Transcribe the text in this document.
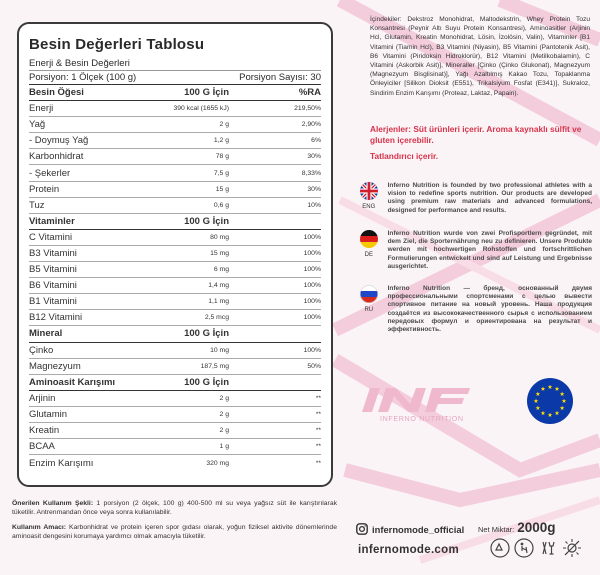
Besin Değerleri Tablosu
Enerji & Besin Değerleri
Porsiyon: 1 Ölçek (100 g)	Porsiyon Sayısı: 30
Besin Öğesi	100 G İçin	%RA
Enerji	390 kcal (1655 kJ)	219,50%
Yağ	2 g	2,90%
- Doymuş Yağ	1,2 g	6%
Karbonhidrat	78 g	30%
- Şekerler	7,5 g	8,33%
Protein	15 g	30%
Tuz	0,6 g	10%
Vitaminler	100 G İçin
C Vitamini	80 mg	100%
B3 Vitamini	15 mg	100%
B5 Vitamini	6 mg	100%
B6 Vitamini	1,4 mg	100%
B1 Vitamini	1,1 mg	100%
B12 Vitamini	2,5 mcg	100%
Mineral	100 G İçin
Çinko	10 mg	100%
Magnezyum	187,5 mg	50%
Aminoasit Karışımı	100 G İçin
Arjinin	2 g	**
Glutamin	2 g	**
Kreatin	2 g	**
BCAA	1 g	**
Enzim Karışımı	320 mg	**
İçindekiler: Dekstroz Monohidrat, Maltodekstrin, Whey Protein Tozu Konsantresi (Peynir Altı Suyu Protein Konsantresi), Aminoasitler (Arjinin Hcl, Glutamin, Kreatin Monohidrat, Lösin, İzolösin, Valin), Vitaminler [B1 Vitamini (Tiamin Hcl), B3 Vitamini (Niyasin), B5 Vitamini (Pantotenik Asit), B6 Vitamini (Piridoksin Hidroklorür), B12 Vitamini (Metilkobalamin), C Vitamini (Askorbik Asit)], Mineraller [Çinko (Çinko Glukonat), Magnezyum (Magnezyum Bisglisinat)], Yağı Azaltılmış Kakao Tozu, Topaklanma Önleyiciler [Silikon Dioksit (E551), Trikalsiyum Fosfat (E341)], Sukraloz, Sindirim Enzim Karışımı (Proteaz, Laktaz, Papain).
Alerjenler: Süt ürünleri içerir. Aroma kaynaklı sülfit ve gluten içerebilir.
Tatlandırıcı içerir.
ENG
Inferno Nutrition is founded by two professional athletes with a vision to redefine sports nutrition. Our products are developed using premium raw materials and advanced formulations, designed for performance and results.
DE
Inferno Nutrition wurde von zwei Profisportlern gegründet, mit dem Ziel, die Sporternährung neu zu definieren. Unsere Produkte werden mit hochwertigen Rohstoffen und fortschrittlichen Formulierungen entwickelt und sind auf Leistung und Ergebnisse ausgerichtet.
RU
Inferno Nutrition — бренд, основанный двумя профессиональными спортсменами с целью вывести спортивное питание на новый уровень. Наша продукция создаётся из высококачественного сырья с использованием передовых формул и ориентирована на результат и эффективность.
INFERNO NUTRITION

Önerilen Kullanım Şekli: 1 porsiyon (2 ölçek, 100 g) 400-500 ml su veya yağsız süt ile karıştırılarak tüketilir. Antrenmandan önce veya sonra kullanılabilir.

Kullanım Amacı: Karbonhidrat ve protein içeren spor gıdası olarak, yoğun fiziksel aktivite dönemlerinde aminoasit dengesini korumaya yardımcı olmak amacıyla tüketilir.

infernomode_official Net Miktar: 2000g
infernomode.com
